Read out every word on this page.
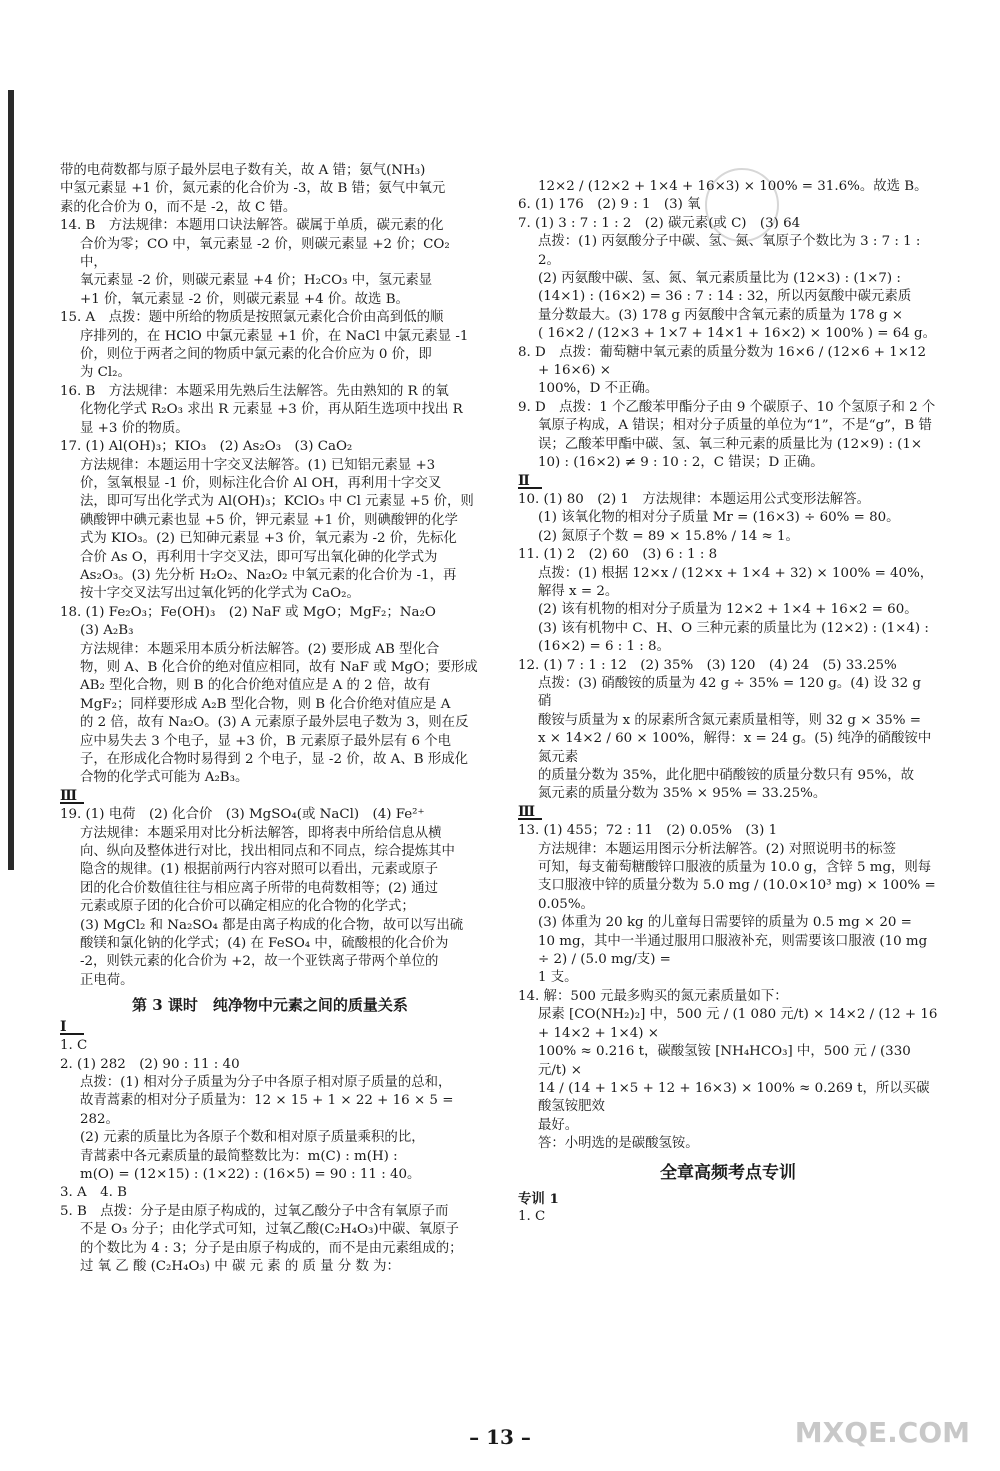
带的电荷数都与原子最外层电子数有关，故 A 错；氨气(NH₃)

中氢元素显 +1 价，氮元素的化合价为 -3，故 B 错；氨气中氧元

素的化合价为 0，而不是 -2，故 C 错。

14. B　方法规律：本题用口诀法解答。碳属于单质，碳元素的化

合价为零；CO 中，氧元素显 -2 价，则碳元素显 +2 价；CO₂ 中，

氧元素显 -2 价，则碳元素显 +4 价；H₂CO₃ 中，氢元素显

+1 价，氧元素显 -2 价，则碳元素显 +4 价。故选 B。

15. A　点拨：题中所给的物质是按照氯元素化合价由高到低的顺

序排列的，在 HClO 中氯元素显 +1 价，在 NaCl 中氯元素显 -1

价，则位于两者之间的物质中氯元素的化合价应为 0 价，即

为 Cl₂。

16. B　方法规律：本题采用先熟后生法解答。先由熟知的 R 的氧

化物化学式 R₂O₃ 求出 R 元素显 +3 价，再从陌生选项中找出 R

显 +3 价的物质。

17. (1) Al(OH)₃；KIO₃　(2) As₂O₃　(3) CaO₂

方法规律：本题运用十字交叉法解答。(1) 已知铝元素显 +3

价，氢氧根显 -1 价，则标注化合价 Al OH，再利用十字交叉

法，即可写出化学式为 Al(OH)₃；KClO₃ 中 Cl 元素显 +5 价，则

碘酸钾中碘元素也显 +5 价，钾元素显 +1 价，则碘酸钾的化学

式为 KIO₃。(2) 已知砷元素显 +3 价，氧元素为 -2 价，先标化

合价 As O，再利用十字交叉法，即可写出氧化砷的化学式为

As₂O₃。(3) 先分析 H₂O₂、Na₂O₂ 中氧元素的化合价为 -1，再

按十字交叉法写出过氧化钙的化学式为 CaO₂。

18. (1) Fe₂O₃；Fe(OH)₃　(2) NaF 或 MgO；MgF₂；Na₂O

(3) A₂B₃

方法规律：本题采用本质分析法解答。(2) 要形成 AB 型化合

物，则 A、B 化合价的绝对值应相同，故有 NaF 或 MgO；要形成

AB₂ 型化合物，则 B 的化合价绝对值应是 A 的 2 倍，故有

MgF₂；同样要形成 A₂B 型化合物，则 B 化合价绝对值应是 A

的 2 倍，故有 Na₂O。(3) A 元素原子最外层电子数为 3，则在反

应中易失去 3 个电子，显 +3 价，B 元素原子最外层有 6 个电

子，在形成化合物时易得到 2 个电子，显 -2 价，故 A、B 形成化

合物的化学式可能为 A₂B₃。

Ⅲ

19. (1) 电荷　(2) 化合价　(3) MgSO₄(或 NaCl)　(4) Fe²⁺

方法规律：本题采用对比分析法解答，即将表中所给信息从横

向、纵向及整体进行对比，找出相同点和不同点，综合提炼其中

隐含的规律。(1) 根据前两行内容对照可以看出，元素或原子

团的化合价数值往往与相应离子所带的电荷数相等；(2) 通过

元素或原子团的化合价可以确定相应的化合物的化学式；

(3) MgCl₂ 和 Na₂SO₄ 都是由离子构成的化合物，故可以写出硫

酸镁和氯化钠的化学式；(4) 在 FeSO₄ 中，硫酸根的化合价为

-2，则铁元素的化合价为 +2，故一个亚铁离子带两个单位的

正电荷。

第 3 课时　纯净物中元素之间的质量关系
Ⅰ

1. C

2. (1) 282　(2) 90 : 11 : 40

点拨：(1) 相对分子质量为分子中各原子相对原子质量的总和，

故青蒿素的相对分子质量为：12 × 15 + 1 × 22 + 16 × 5 = 282。

(2) 元素的质量比为各原子个数和相对原子质量乘积的比，

青蒿素中各元素质量的最简整数比为：m(C) : m(H) :

m(O) = (12×15) : (1×22) : (16×5) = 90 : 11 : 40。

3. A　4. B

5. B　点拨：分子是由原子构成的，过氧乙酸分子中含有氧原子而

不是 O₃ 分子；由化学式可知，过氧乙酸(C₂H₄O₃)中碳、氧原子

的个数比为 4 : 3；分子是由原子构成的，而不是由元素组成的；

过 氧 乙 酸 (C₂H₄O₃) 中 碳 元 素 的 质 量 分 数 为：

12×2 / (12×2 + 1×4 + 16×3) × 100% = 31.6%。故选 B。

6. (1) 176　(2) 9 : 1　(3) 氧

7. (1) 3 : 7 : 1 : 2　(2) 碳元素(或 C)　(3) 64

点拨：(1) 丙氨酸分子中碳、氢、氮、氧原子个数比为 3 : 7 : 1 : 2。

(2) 丙氨酸中碳、氢、氮、氧元素质量比为 (12×3) : (1×7) :

(14×1) : (16×2) = 36 : 7 : 14 : 32，所以丙氨酸中碳元素质

量分数最大。(3) 178 g 丙氨酸中含氧元素的质量为 178 g ×

( 16×2 / (12×3 + 1×7 + 14×1 + 16×2) × 100% ) = 64 g。

8. D　点拨：葡萄糖中氧元素的质量分数为 16×6 / (12×6 + 1×12 + 16×6) ×

100%，D 不正确。

9. D　点拨：1 个乙酸苯甲酯分子由 9 个碳原子、10 个氢原子和 2 个

氧原子构成，A 错误；相对分子质量的单位为“1”，不是“g”，B 错

误；乙酸苯甲酯中碳、氢、氧三种元素的质量比为 (12×9) : (1×

10) : (16×2) ≠ 9 : 10 : 2，C 错误；D 正确。

Ⅱ

10. (1) 80　(2) 1　方法规律：本题运用公式变形法解答。

(1) 该氧化物的相对分子质量 Mr = (16×3) ÷ 60% = 80。

(2) 氮原子个数 = 89 × 15.8% / 14 ≈ 1。

11. (1) 2　(2) 60　(3) 6 : 1 : 8

点拨：(1) 根据 12×x / (12×x + 1×4 + 32) × 100% = 40%，解得 x = 2。

(2) 该有机物的相对分子质量为 12×2 + 1×4 + 16×2 = 60。

(3) 该有机物中 C、H、O 三种元素的质量比为 (12×2) : (1×4) :

(16×2) = 6 : 1 : 8。

12. (1) 7 : 1 : 12　(2) 35%　(3) 120　(4) 24　(5) 33.25%

点拨：(3) 硝酸铵的质量为 42 g ÷ 35% = 120 g。(4) 设 32 g 硝

酸铵与质量为 x 的尿素所含氮元素质量相等，则 32 g × 35% =

x × 14×2 / 60 × 100%，解得：x = 24 g。(5) 纯净的硝酸铵中氮元素

的质量分数为 35%，此化肥中硝酸铵的质量分数只有 95%，故

氮元素的质量分数为 35% × 95% = 33.25%。

Ⅲ

13. (1) 455；72 : 11　(2) 0.05%　(3) 1

方法规律：本题运用图示分析法解答。(2) 对照说明书的标签

可知，每支葡萄糖酸锌口服液的质量为 10.0 g，含锌 5 mg，则每

支口服液中锌的质量分数为 5.0 mg / (10.0×10³ mg) × 100% = 0.05%。

(3) 体重为 20 kg 的儿童每日需要锌的质量为 0.5 mg × 20 =

10 mg，其中一半通过服用口服液补充，则需要该口服液 (10 mg ÷ 2) / (5.0 mg/支) =

1 支。

14. 解：500 元最多购买的氮元素质量如下：

尿素 [CO(NH₂)₂] 中，500 元 / (1 080 元/t) × 14×2 / (12 + 16 + 14×2 + 1×4) ×

100% ≈ 0.216 t，碳酸氢铵 [NH₄HCO₃] 中，500 元 / (330 元/t) ×

14 / (14 + 1×5 + 12 + 16×3) × 100% ≈ 0.269 t，所以买碳酸氢铵肥效

最好。

答：小明选的是碳酸氢铵。

全章高频考点专训

专训 1

1. C

– 13 –	MXQE.COM
